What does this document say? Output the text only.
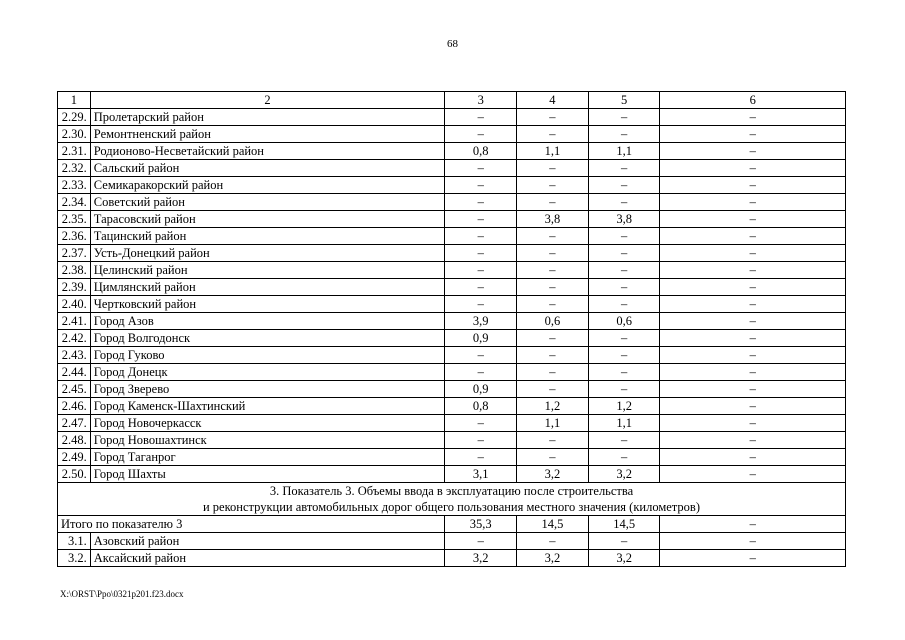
68
1	2	3	4	5	6
2.29.	Пролетарский район	–	–	–	–
2.30.	Ремонтненский район	–	–	–	–
2.31.	Родионово-Несветайский район	0,8	1,1	1,1	–
2.32.	Сальский район	–	–	–	–
2.33.	Семикаракорский район	–	–	–	–
2.34.	Советский район	–	–	–	–
2.35.	Тарасовский район	–	3,8	3,8	–
2.36.	Тацинский район	–	–	–	–
2.37.	Усть-Донецкий район	–	–	–	–
2.38.	Целинский район	–	–	–	–
2.39.	Цимлянский район	–	–	–	–
2.40.	Чертковский район	–	–	–	–
2.41.	Город Азов	3,9	0,6	0,6	–
2.42.	Город Волгодонск	0,9	–	–	–
2.43.	Город Гуково	–	–	–	–
2.44.	Город Донецк	–	–	–	–
2.45.	Город Зверево	0,9	–	–	–
2.46.	Город Каменск-Шахтинский	0,8	1,2	1,2	–
2.47.	Город Новочеркасск	–	1,1	1,1	–
2.48.	Город Новошахтинск	–	–	–	–
2.49.	Город Таганрог	–	–	–	–
2.50.	Город Шахты	3,1	3,2	3,2	–

3. Показатель 3. Объемы ввода в эксплуатацию после строительства
и реконструкции автомобильных дорог общего пользования местного значения (километров)					

Итого по показателю 3		35,3	14,5	14,5	–
3.1.	Азовский район	–	–	–	–
3.2.	Аксайский район	3,2	3,2	3,2	–
X:\ORST\Ppo\0321p201.f23.docx
